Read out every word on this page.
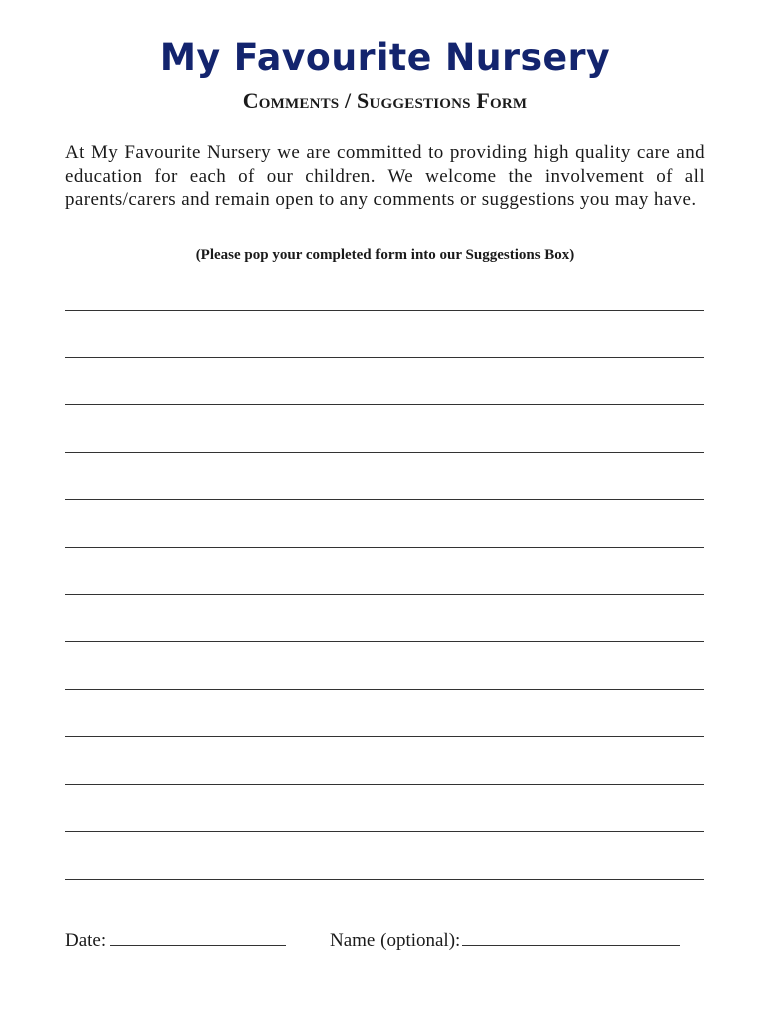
My Favourite Nursery
Comments / Suggestions Form

At My Favourite Nursery we are committed to providing high quality care and education for each of our children. We welcome the involvement of all parents/carers and remain open to any comments or suggestions you may have.

(Please pop your completed form into our Suggestions Box)
Date:	Name (optional):
